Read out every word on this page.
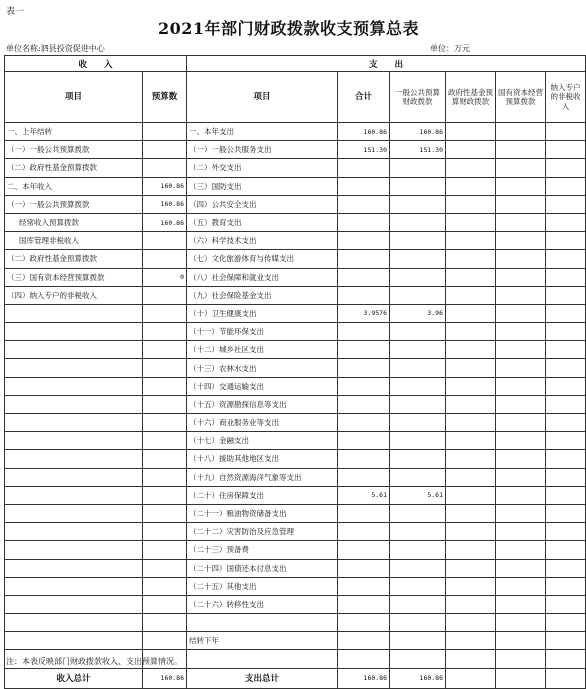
表一
2021年部门财政拨款收支预算总表
单位名称:泗县投资促进中心	单位：万元
收　　入		支　　出					
项目	预算数	项目	合计	一般公共预算财政拨款	政府性基金预算财政拨款	国有资本经营预算拨款	纳入专户的非税收入
一、上年结转		一、本年支出	160.86	160.86			
（一）一般公共预算拨款		（一）一般公共服务支出	151.30	151.30			
（二）政府性基金预算拨款		（二）外交支出					
二、本年收入	160.86	（三）国防支出					
（一）一般公共预算拨款	160.86	（四）公共安全支出					
经常收入预算拨款	160.86	（五）教育支出					
国库管理非税收入		（六）科学技术支出					
（二）政府性基金预算拨款		（七）文化旅游体育与传媒支出					
（三）国有资本经营预算拨款	0	（八）社会保障和就业支出					
（四）纳入专户的非税收入		（九）社会保险基金支出					
		（十）卫生健康支出	3.9576	3.96			
		（十一）节能环保支出					
		（十二）城乡社区支出					
		（十三）农林水支出					
		（十四）交通运输支出					
		（十五）资源勘探信息等支出					
		（十六）商业服务业等支出					
		（十七）金融支出					
		（十八）援助其他地区支出					
		（十九）自然资源海洋气象等支出					
		（二十）住房保障支出	5.61	5.61			
		（二十一）粮油物资储备支出					
		（二十二）灾害防治及应急管理					
		（二十三）预备费					
		（二十四）国债还本付息支出					
		（二十五）其他支出					
		（二十六）转移性支出					

		结转下年					

收入总计	160.86	支出总计	160.86	160.86			
注：本表反映部门财政拨款收入、支出预算情况。
